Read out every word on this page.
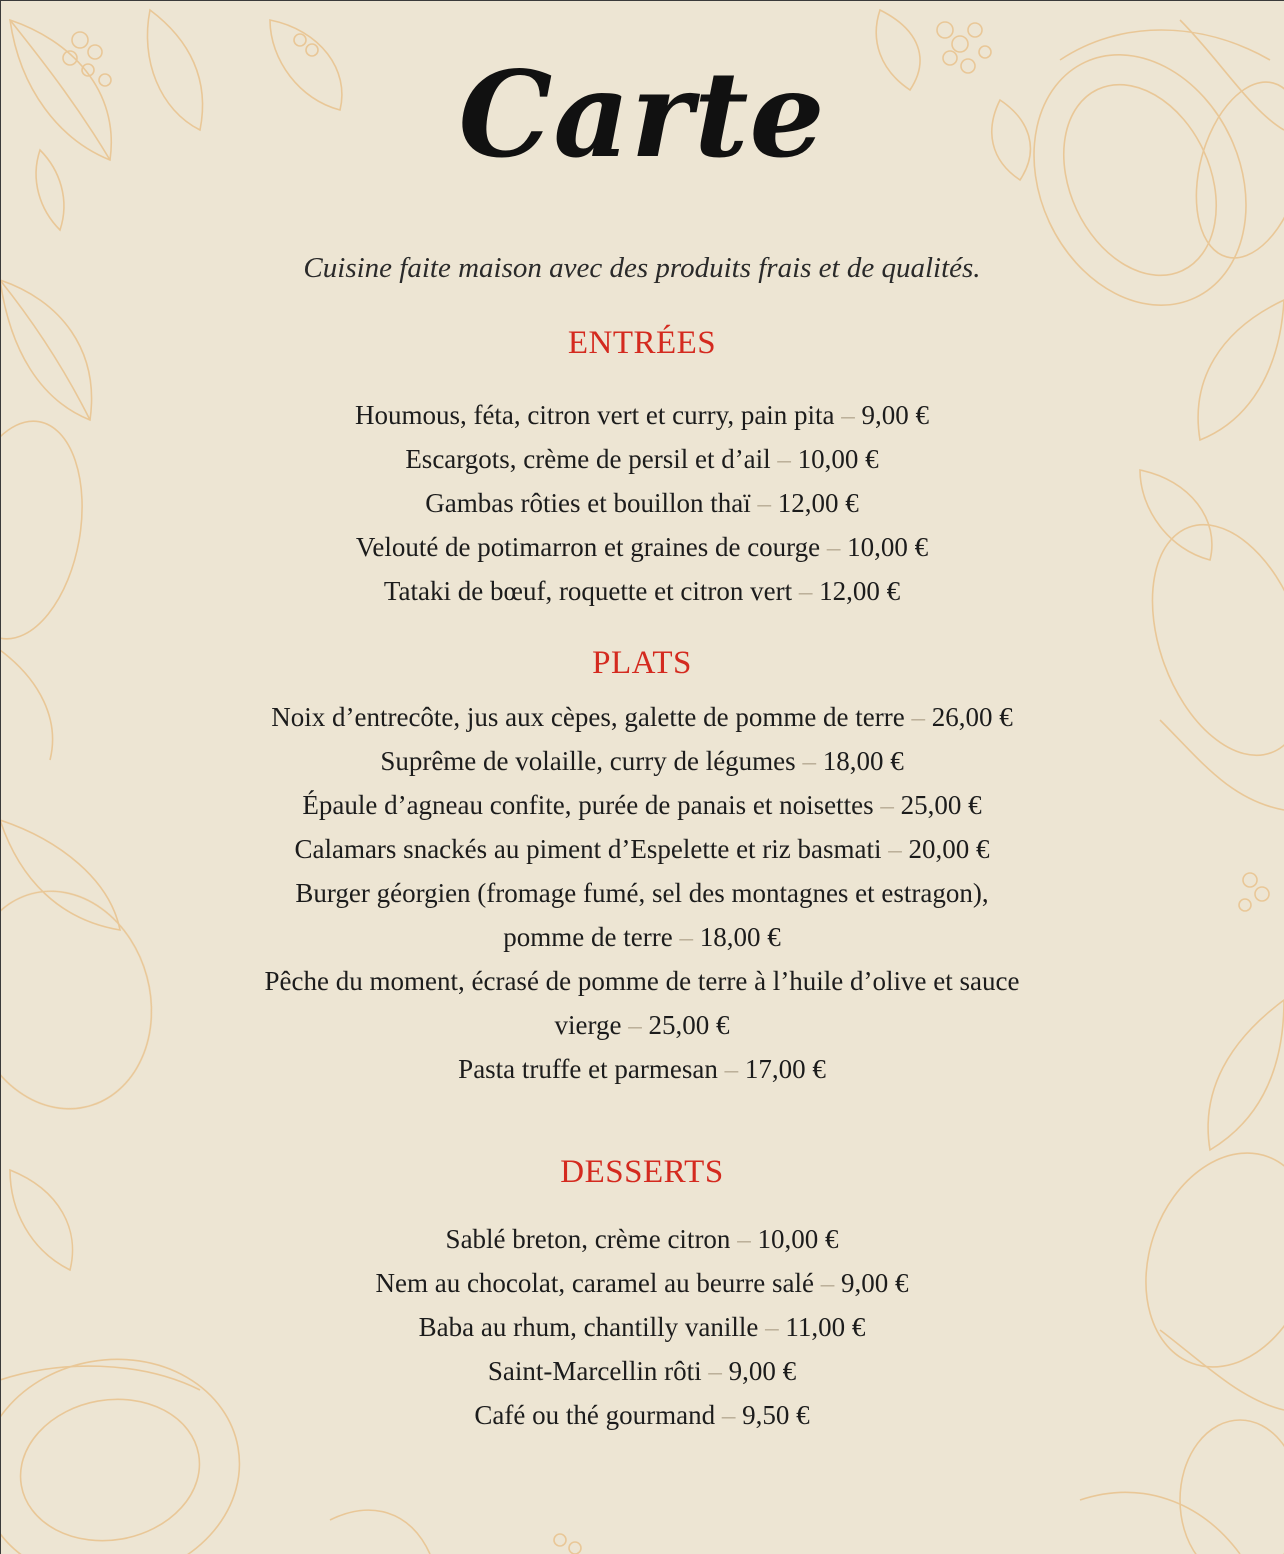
Carte
Cuisine faite maison avec des produits frais et de qualités.
ENTRÉES
Houmous, féta, citron vert et curry, pain pita – 9,00 €
Escargots, crème de persil et d’ail – 10,00 €
Gambas rôties et bouillon thaï – 12,00 €
Velouté de potimarron et graines de courge – 10,00 €
Tataki de bœuf, roquette et citron vert – 12,00 €
PLATS
Noix d’entrecôte, jus aux cèpes, galette de pomme de terre – 26,00 €
Suprême de volaille, curry de légumes – 18,00 €
Épaule d’agneau confite, purée de panais et noisettes – 25,00 €
Calamars snackés au piment d’Espelette et riz basmati – 20,00 €
Burger géorgien (fromage fumé, sel des montagnes et estragon), pomme de terre – 18,00 €
Pêche du moment, écrasé de pomme de terre à l’huile d’olive et sauce vierge – 25,00 €
Pasta truffe et parmesan – 17,00 €
DESSERTS
Sablé breton, crème citron – 10,00 €
Nem au chocolat, caramel au beurre salé – 9,00 €
Baba au rhum, chantilly vanille – 11,00 €
Saint-Marcellin rôti – 9,00 €
Café ou thé gourmand – 9,50 €
